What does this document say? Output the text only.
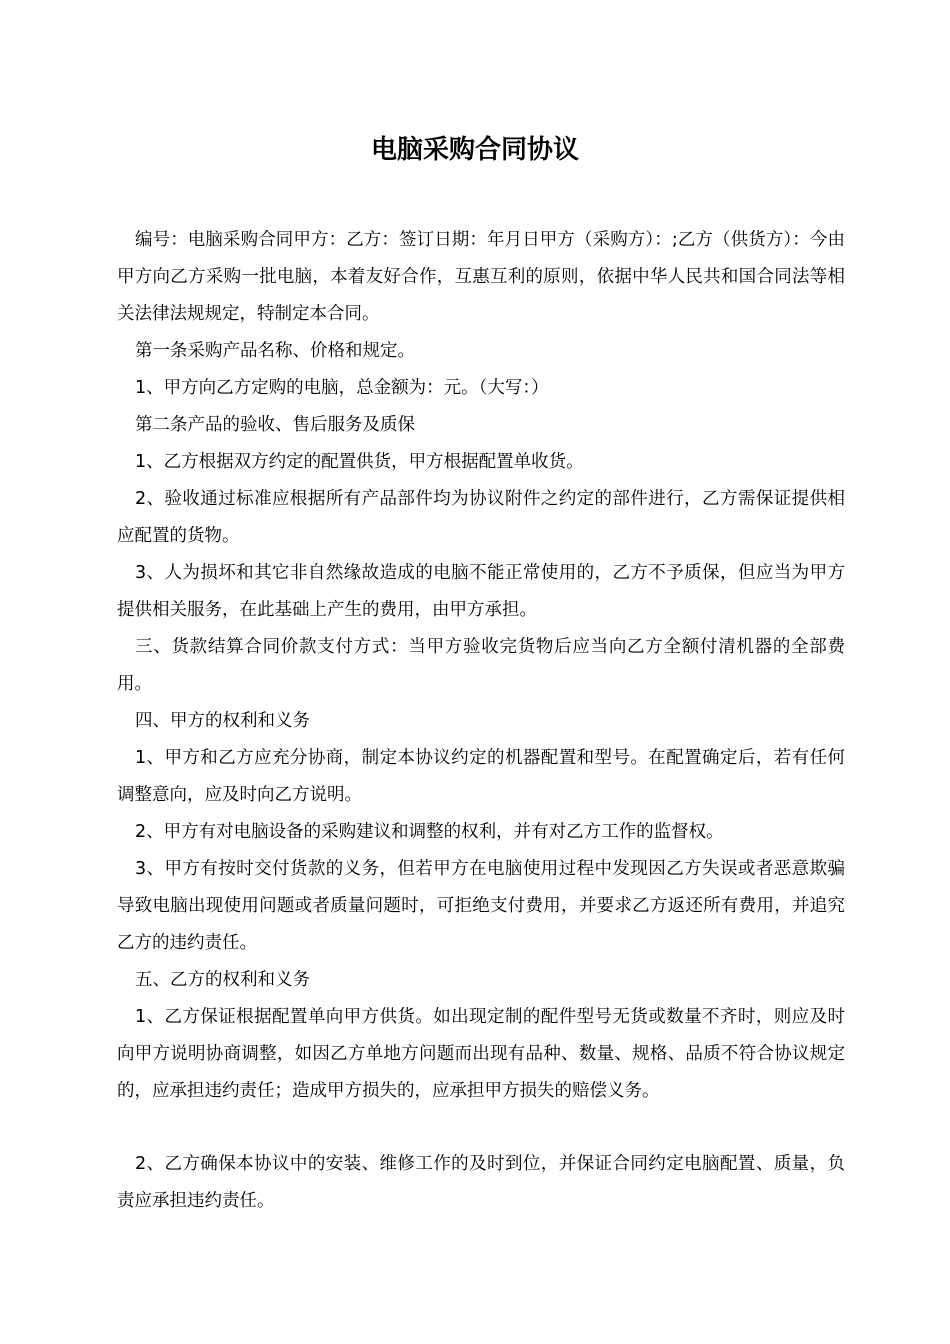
电脑采购合同协议

编号：电脑采购合同甲方：乙方：签订日期：年月日甲方（采购方）：;乙方（供货方）：今由甲方向乙方采购一批电脑，本着友好合作，互惠互利的原则，依据中华人民共和国合同法等相关法律法规规定，特制定本合同。

第一条采购产品名称、价格和规定。

1、甲方向乙方定购的电脑，总金额为：元。（大写：）

第二条产品的验收、售后服务及质保

1、乙方根据双方约定的配置供货，甲方根据配置单收货。

2、验收通过标准应根据所有产品部件均为协议附件之约定的部件进行，乙方需保证提供相应配置的货物。

3、人为损坏和其它非自然缘故造成的电脑不能正常使用的，乙方不予质保，但应当为甲方提供相关服务，在此基础上产生的费用，由甲方承担。

三、货款结算合同价款支付方式：当甲方验收完货物后应当向乙方全额付清机器的全部费用。

四、甲方的权利和义务

1、甲方和乙方应充分协商，制定本协议约定的机器配置和型号。在配置确定后，若有任何调整意向，应及时向乙方说明。

2、甲方有对电脑设备的采购建议和调整的权利，并有对乙方工作的监督权。

3、甲方有按时交付货款的义务，但若甲方在电脑使用过程中发现因乙方失误或者恶意欺骗导致电脑出现使用问题或者质量问题时，可拒绝支付费用，并要求乙方返还所有费用，并追究乙方的违约责任。

五、乙方的权利和义务

1、乙方保证根据配置单向甲方供货。如出现定制的配件型号无货或数量不齐时，则应及时向甲方说明协商调整，如因乙方单地方问题而出现有品种、数量、规格、品质不符合协议规定的，应承担违约责任；造成甲方损失的，应承担甲方损失的赔偿义务。

2、乙方确保本协议中的安装、维修工作的及时到位，并保证合同约定电脑配置、质量，负责应承担违约责任。
